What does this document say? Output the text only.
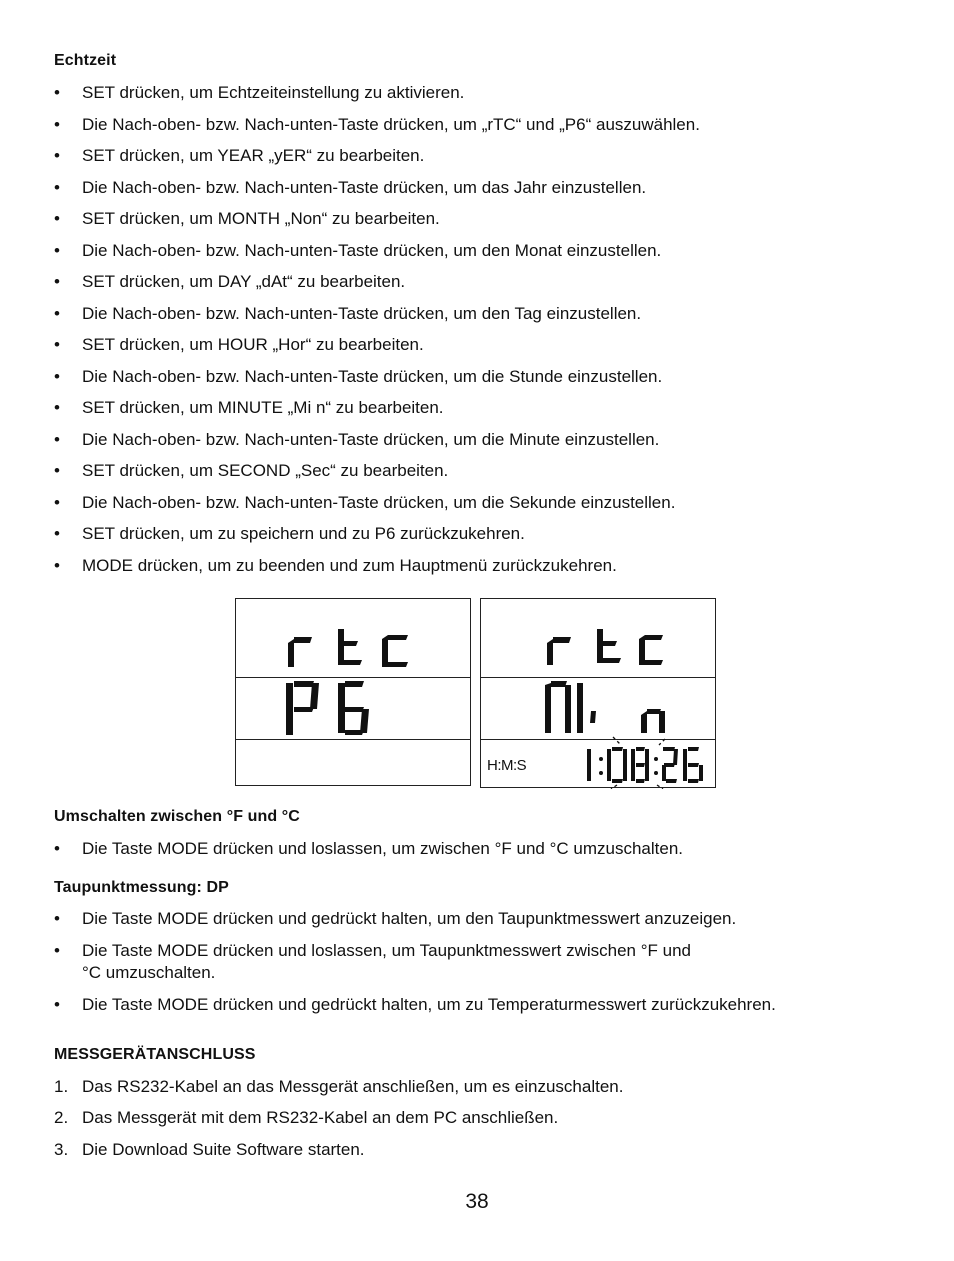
Echtzeit
• SET drücken, um Echtzeiteinstellung zu aktivieren.
• Die Nach-oben- bzw. Nach-unten-Taste drücken, um „rTC“ und „P6“ auszuwählen.
• SET drücken, um YEAR „yER“ zu bearbeiten.
• Die Nach-oben- bzw. Nach-unten-Taste drücken, um das Jahr einzustellen.
• SET drücken, um MONTH „Non“ zu bearbeiten.
• Die Nach-oben- bzw. Nach-unten-Taste drücken, um den Monat einzustellen.
• SET drücken, um DAY „dAt“ zu bearbeiten.
• Die Nach-oben- bzw. Nach-unten-Taste drücken, um den Tag einzustellen.
• SET drücken, um HOUR „Hor“ zu bearbeiten.
• Die Nach-oben- bzw. Nach-unten-Taste drücken, um die Stunde einzustellen.
• SET drücken, um MINUTE „Mi n“ zu bearbeiten.
• Die Nach-oben- bzw. Nach-unten-Taste drücken, um die Minute einzustellen.
• SET drücken, um SECOND „Sec“ zu bearbeiten.
• Die Nach-oben- bzw. Nach-unten-Taste drücken, um die Sekunde einzustellen.
• SET drücken, um zu speichern und zu P6 zurückzukehren.
• MODE drücken, um zu beenden und zum Hauptmenü zurückzukehren.
H:M:S
Umschalten zwischen °F und °C
• Die Taste MODE drücken und loslassen, um zwischen °F und °C umzuschalten.
Taupunktmessung: DP
• Die Taste MODE drücken und gedrückt halten, um den Taupunktmesswert anzuzeigen.
• Die Taste MODE drücken und loslassen, um Taupunktmesswert zwischen °F und
°C umzuschalten.
• Die Taste MODE drücken und gedrückt halten, um zu Temperaturmesswert zurückzukehren.
MESSGERÄTANSCHLUSS
1. Das RS232-Kabel an das Messgerät anschließen, um es einzuschalten.
2. Das Messgerät mit dem RS232-Kabel an dem PC anschließen.
3. Die Download Suite Software starten.
38
